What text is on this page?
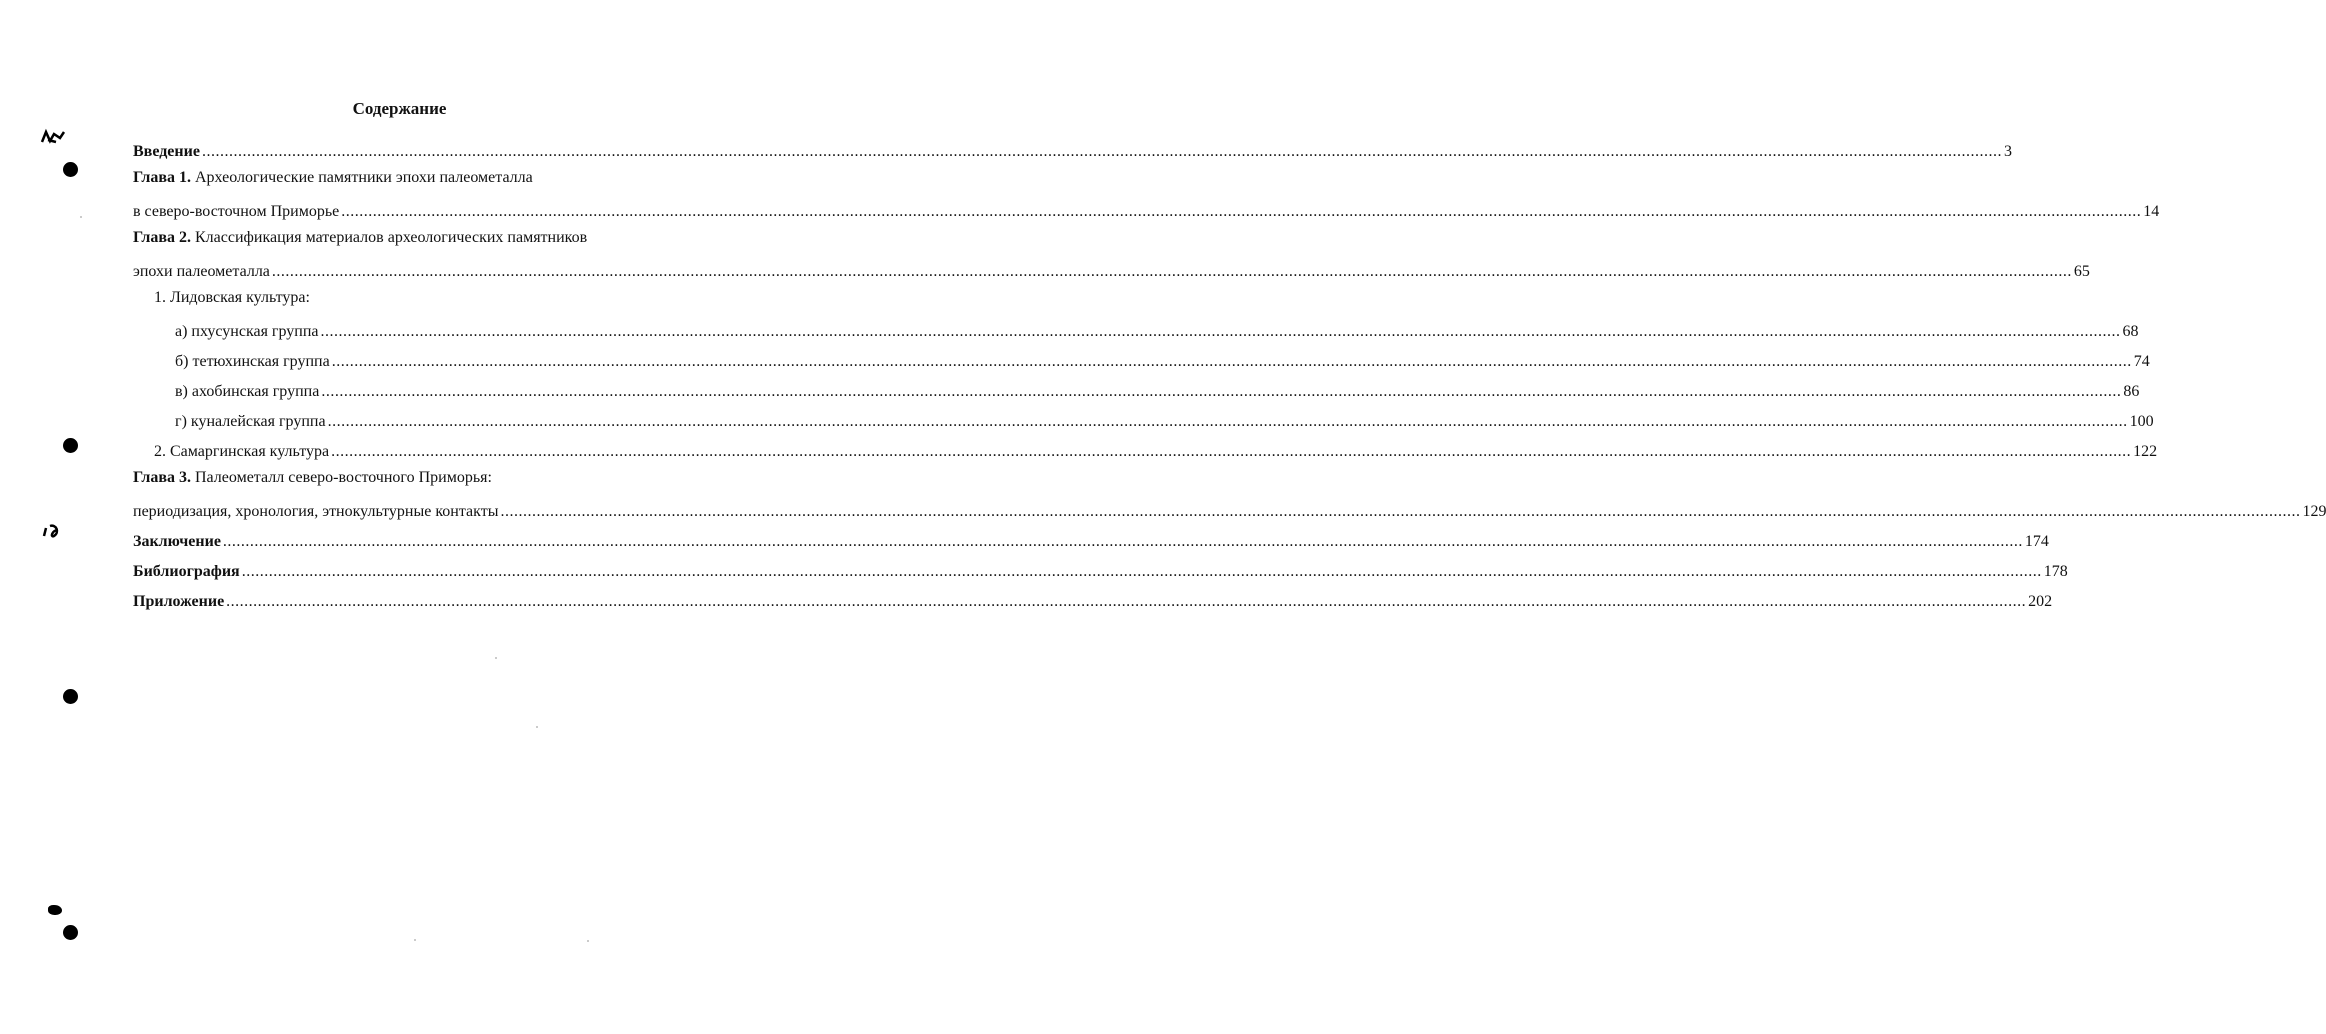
Содержание
Введение ................................................................................................................................................................................................................................................................................................................................................................................................................ 3
Глава 1. Археологические памятники эпохи палеометалла
в северо-восточном Приморье ................................................................................................................................................................................................................................................................................................................................................................................................................ 14
Глава 2. Классификация материалов археологических памятников
эпохи палеометалла ................................................................................................................................................................................................................................................................................................................................................................................................................ 65
1. Лидовская культура:
а) пхусунская группа ................................................................................................................................................................................................................................................................................................................................................................................................................ 68
б) тетюхинская группа ................................................................................................................................................................................................................................................................................................................................................................................................................ 74
в) ахобинская группа ................................................................................................................................................................................................................................................................................................................................................................................................................ 86
г) куналейская группа ................................................................................................................................................................................................................................................................................................................................................................................................................ 100
2. Самаргинская культура ................................................................................................................................................................................................................................................................................................................................................................................................................ 122
Глава 3. Палеометалл северо-восточного Приморья:
периодизация, хронология, этнокультурные контакты ................................................................................................................................................................................................................................................................................................................................................................................................................ 129
Заключение ................................................................................................................................................................................................................................................................................................................................................................................................................ 174
Библиография ................................................................................................................................................................................................................................................................................................................................................................................................................ 178
Приложение ................................................................................................................................................................................................................................................................................................................................................................................................................ 202
